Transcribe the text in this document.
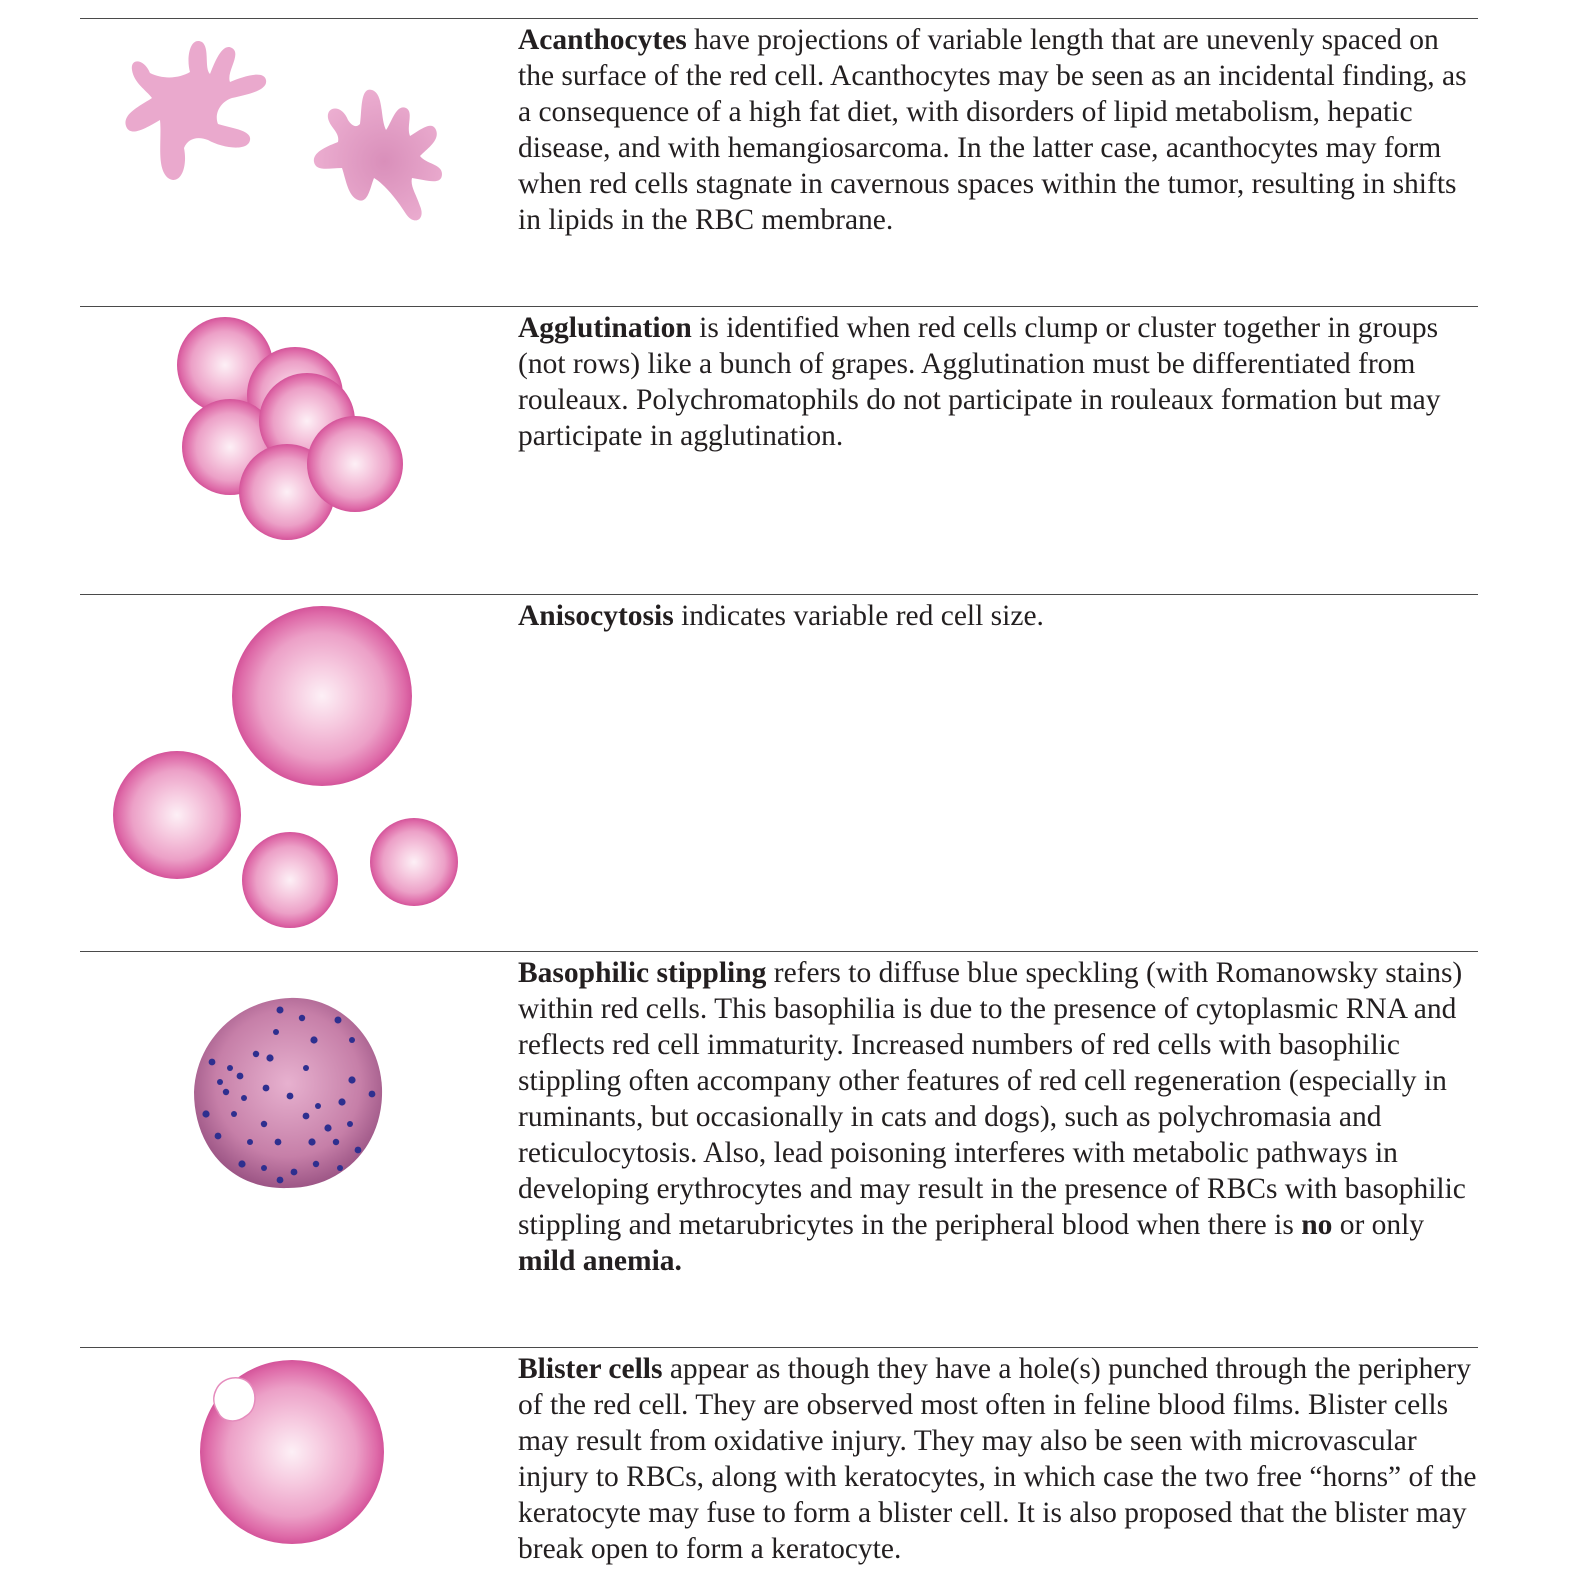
Acanthocytes have projections of variable length that are unevenly spaced on the surface of the red cell. Acanthocytes may be seen as an incidental finding, as a consequence of a high fat diet, with disorders of lipid metabolism, hepatic disease, and with hemangiosarcoma. In the latter case, acanthocytes may form when red cells stagnate in cavernous spaces within the tumor, resulting in shifts in lipids in the RBC membrane.

Agglutination is identified when red cells clump or cluster together in groups (not rows) like a bunch of grapes. Agglutination must be differentiated from rouleaux. Polychromatophils do not participate in rouleaux formation but may participate in agglutination.

Anisocytosis indicates variable red cell size.

Basophilic stippling refers to diffuse blue speckling (with Romanowsky stains) within red cells. This basophilia is due to the presence of cytoplasmic RNA and reflects red cell immaturity. Increased numbers of red cells with basophilic stippling often accompany other features of red cell regeneration (especially in ruminants, but occasionally in cats and dogs), such as polychromasia and reticulocytosis. Also, lead poisoning interferes with metabolic pathways in developing erythrocytes and may result in the presence of RBCs with basophilic stippling and metarubricytes in the peripheral blood when there is no or only mild anemia.

Blister cells appear as though they have a hole(s) punched through the periphery of the red cell. They are observed most often in feline blood films. Blister cells may result from oxidative injury. They may also be seen with microvascular injury to RBCs, along with keratocytes, in which case the two free “horns” of the keratocyte may fuse to form a blister cell. It is also proposed that the blister may break open to form a keratocyte.
